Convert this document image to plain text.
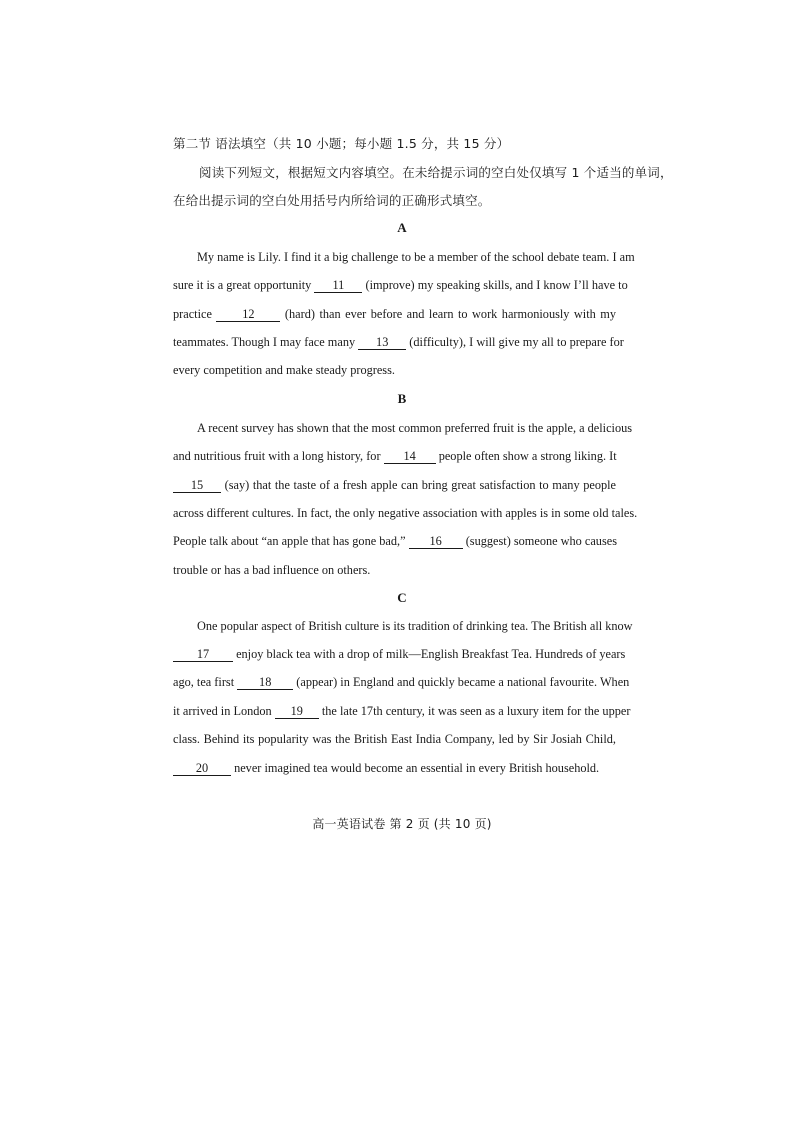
第二节 语法填空（共 10 小题；每小题 1.5 分，共 15 分）
阅读下列短文，根据短文内容填空。在未给提示词的空白处仅填写 1 个适当的单词，
在给出提示词的空白处用括号内所给词的正确形式填空。
A
My name is Lily. I find it a big challenge to be a member of the school debate team. I am
sure it is a great opportunity 11 (improve) my speaking skills, and I know I’ll have to
practice 12 (hard) than ever before and learn to work harmoniously with my
teammates. Though I may face many 13 (difficulty), I will give my all to prepare for
every competition and make steady progress.
B
A recent survey has shown that the most common preferred fruit is the apple, a delicious
and nutritious fruit with a long history, for 14 people often show a strong liking. It
15 (say) that the taste of a fresh apple can bring great satisfaction to many people
across different cultures. In fact, the only negative association with apples is in some old tales.
People talk about “an apple that has gone bad,” 16 (suggest) someone who causes
trouble or has a bad influence on others.
C
One popular aspect of British culture is its tradition of drinking tea. The British all know
17 enjoy black tea with a drop of milk—English Breakfast Tea. Hundreds of years
ago, tea first 18 (appear) in England and quickly became a national favourite. When
it arrived in London 19 the late 17th century, it was seen as a luxury item for the upper
class. Behind its popularity was the British East India Company, led by Sir Josiah Child,
20 never imagined tea would become an essential in every British household.
高一英语试卷 第 2 页 (共 10 页)
